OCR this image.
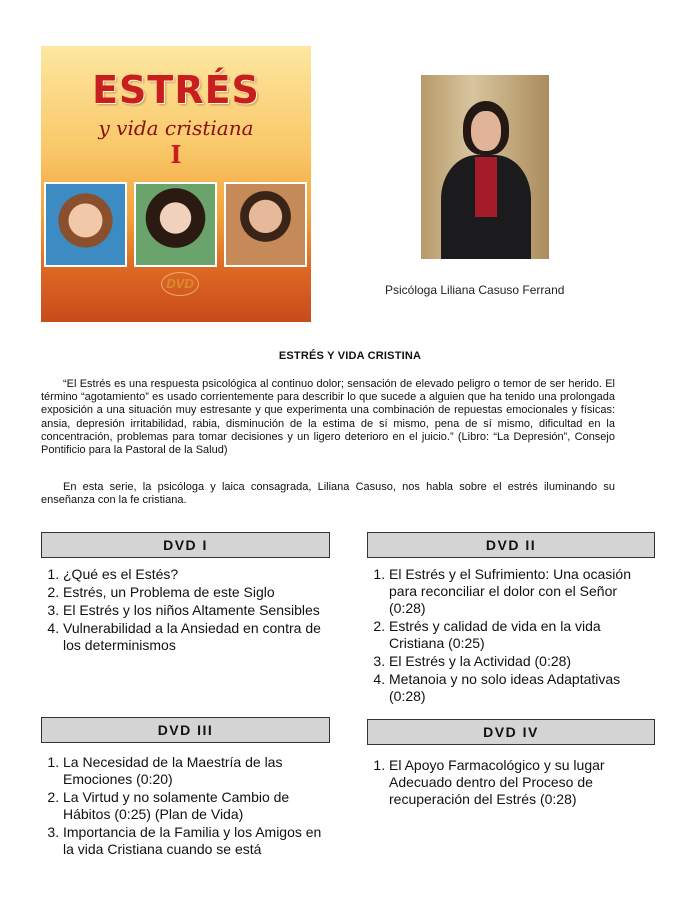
ESTRÉS
y vida cristiana
I
DVD	Psicóloga Liliana Casuso Ferrand
ESTRÉS Y VIDA CRISTINA
“El Estrés es una respuesta psicológica al continuo dolor; sensación de elevado peligro o temor de ser herido. El término “agotamiento” es usado corrientemente para describir lo que sucede a alguien que ha tenido una prolongada exposición a una situación muy estresante y que experimenta una combinación de repuestas emocionales y físicas: ansia, depresión irritabilidad, rabia, disminución de la estima de sí mismo, pena de sí mismo, dificultad en la concentración, problemas para tomar decisiones y un ligero deterioro en el juicio.” (Libro: “La Depresión”, Consejo Pontificio para la Pastoral de la Salud)
En esta serie, la psicóloga y laica consagrada, Liliana Casuso, nos habla sobre el estrés iluminando su enseñanza con la fe cristiana.
DVD I
1. ¿Qué es el Estés?
2. Estrés, un Problema de este Siglo
3. El Estrés y los niños Altamente Sensibles
4. Vulnerabilidad a la Ansiedad en contra de los determinismos
DVD II
1. El Estrés y el Sufrimiento: Una ocasión para reconciliar el dolor con el Señor (0:28)
2. Estrés y calidad de vida en la vida Cristiana (0:25)
3. El Estrés y la Actividad (0:28)
4. Metanoia y no solo ideas Adaptativas (0:28)
DVD III
1. La Necesidad de la Maestría de las Emociones (0:20)
2. La Virtud y no solamente Cambio de Hábitos (0:25) (Plan de Vida)
3. Importancia de la Familia y los Amigos en la vida Cristiana cuando se está
DVD IV
1. El Apoyo Farmacológico y su lugar Adecuado dentro del Proceso de recuperación del Estrés (0:28)
